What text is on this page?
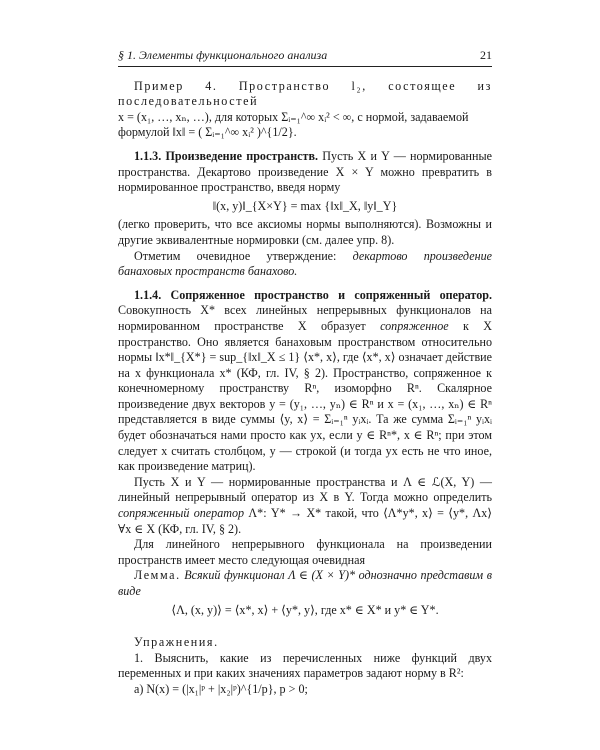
§ 1. Элементы функционального анализа	21

Пример 4. Пространство l₂, состоящее из последовательностей

x = (x₁, …, xₙ, …), для которых Σᵢ₌₁^∞ xᵢ² < ∞, с нормой, задаваемой

формулой ‖x‖ = ( Σᵢ₌₁^∞ xᵢ² )^{1/2}.

1.1.3. Произведение пространств. Пусть X и Y — нормированные пространства. Декартово произведение X × Y можно превратить в нормированное пространство, введя норму

‖(x, y)‖_{X×Y} = max {‖x‖_X, ‖y‖_Y}

(легко проверить, что все аксиомы нормы выполняются). Возможны и другие эквивалентные нормировки (см. далее упр. 8).

Отметим очевидное утверждение: декартово произведение банаховых пространств банахово.

1.1.4. Сопряженное пространство и сопряженный оператор. Совокупность X* всех линейных непрерывных функционалов на нормированном пространстве X образует сопряженное к X пространство. Оно является банаховым пространством относительно нормы ‖x*‖_{X*} = sup_{‖x‖_X ≤ 1} ⟨x*, x⟩, где ⟨x*, x⟩ означает действие на x функционала x* (КФ, гл. IV, § 2). Пространство, сопряженное к конечномерному пространству Rⁿ, изоморфно Rⁿ. Скалярное произведение двух векторов y = (y₁, …, yₙ) ∈ Rⁿ и x = (x₁, …, xₙ) ∈ Rⁿ представляется в виде суммы ⟨y, x⟩ = Σᵢ₌₁ⁿ yᵢxᵢ. Та же сумма Σᵢ₌₁ⁿ yᵢxᵢ будет обозначаться нами просто как yx, если y ∈ Rⁿ*, x ∈ Rⁿ; при этом следует x считать столбцом, y — строкой (и тогда yx есть не что иное, как произведение матриц).

Пусть X и Y — нормированные пространства и Λ ∈ ℒ(X, Y) — линейный непрерывный оператор из X в Y. Тогда можно определить сопряженный оператор Λ*: Y* → X* такой, что ⟨Λ*y*, x⟩ = ⟨y*, Λx⟩ ∀x ∈ X (КФ, гл. IV, § 2).

Для линейного непрерывного функционала на произведении пространств имеет место следующая очевидная

Лемма. Всякий функционал Λ ∈ (X × Y)* однозначно представим в виде

⟨Λ, (x, y)⟩ = ⟨x*, x⟩ + ⟨y*, y⟩, где x* ∈ X* и y* ∈ Y*.

Упражнения.

1. Выяснить, какие из перечисленных ниже функций двух переменных и при каких значениях параметров задают норму в R²:

а) N(x) = (|x₁|ᵖ + |x₂|ᵖ)^{1/p}, p > 0;
